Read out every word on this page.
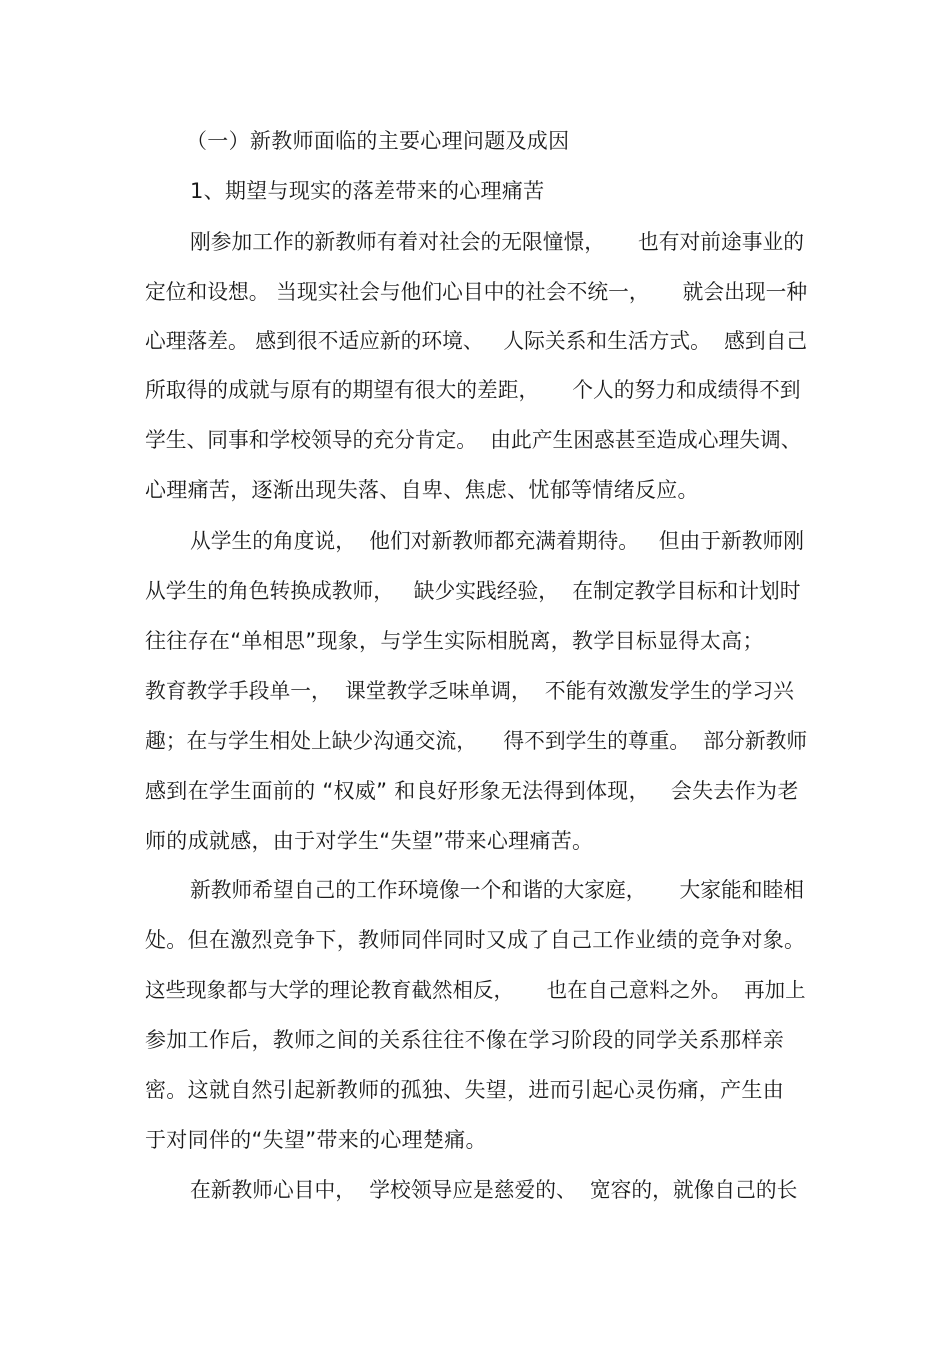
（一）新教师面临的主要心理问题及成因
1、期望与现实的落差带来的心理痛苦
刚参加工作的新教师有着对社会的无限憧憬，     也有对前途事业的
定位和设想。 当现实社会与他们心目中的社会不统一，     就会出现一种
心理落差。 感到很不适应新的环境、   人际关系和生活方式。  感到自己
所取得的成就与原有的期望有很大的差距，     个人的努力和成绩得不到
学生、同事和学校领导的充分肯定。  由此产生困惑甚至造成心理失调、
心理痛苦，逐渐出现失落、自卑、焦虑、忧郁等情绪反应。
从学生的角度说，  他们对新教师都充满着期待。   但由于新教师刚
从学生的角色转换成教师，   缺少实践经验，  在制定教学目标和计划时
往往存在“单相思”现象，与学生实际相脱离，教学目标显得太高；
教育教学手段单一，  课堂教学乏味单调，  不能有效激发学生的学习兴
趣；在与学生相处上缺少沟通交流，    得不到学生的尊重。  部分新教师
感到在学生面前的 “权威” 和良好形象无法得到体现，   会失去作为老
师的成就感，由于对学生“失望”带来心理痛苦。
新教师希望自己的工作环境像一个和谐的大家庭，     大家能和睦相
处。但在激烈竞争下，教师同伴同时又成了自己工作业绩的竞争对象。
这些现象都与大学的理论教育截然相反，     也在自己意料之外。  再加上
参加工作后，教师之间的关系往往不像在学习阶段的同学关系那样亲
密。这就自然引起新教师的孤独、失望，进而引起心灵伤痛，产生由
于对同伴的“失望”带来的心理楚痛。
在新教师心目中，  学校领导应是慈爱的、  宽容的，就像自己的长
